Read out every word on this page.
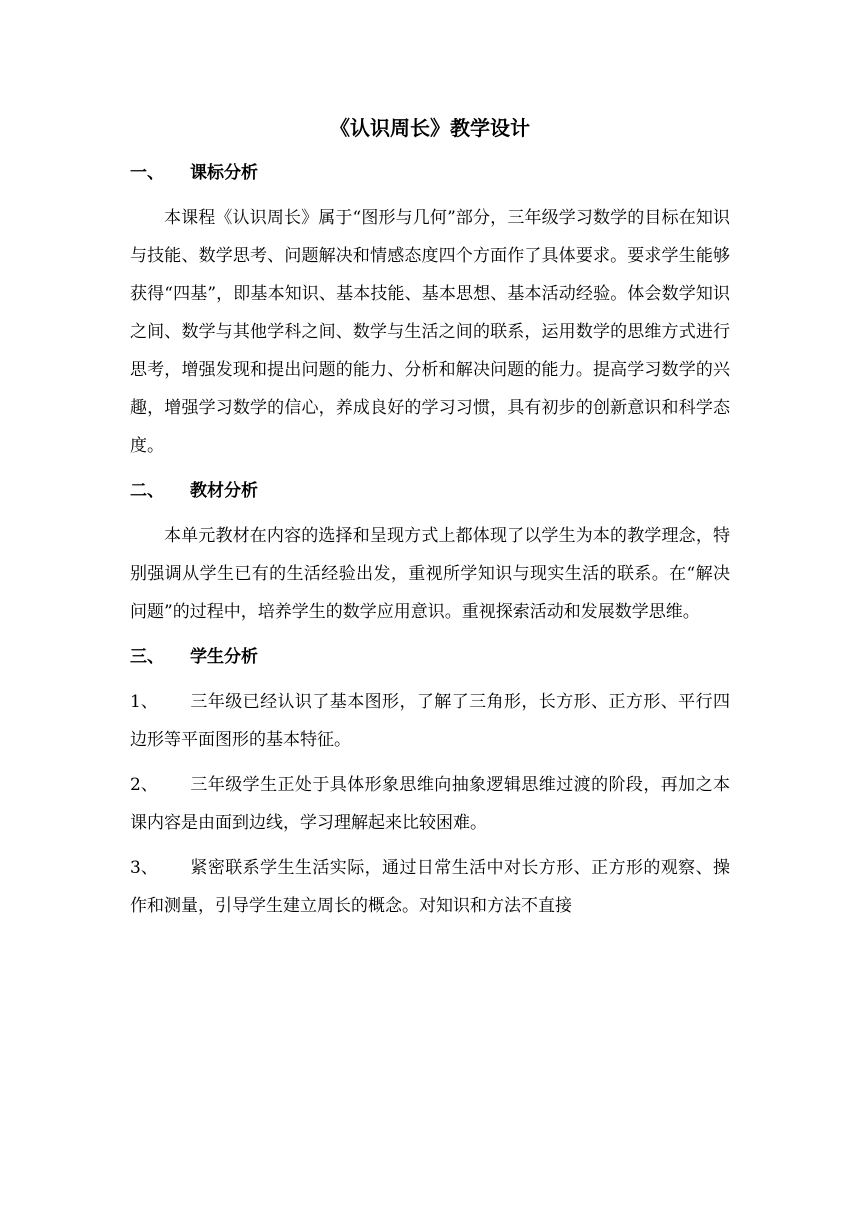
《认识周长》教学设计
一、 课标分析

本课程《认识周长》属于“图形与几何”部分，三年级学习数学的目标在知识与技能、数学思考、问题解决和情感态度四个方面作了具体要求。要求学生能够获得“四基”，即基本知识、基本技能、基本思想、基本活动经验。体会数学知识之间、数学与其他学科之间、数学与生活之间的联系，运用数学的思维方式进行思考，增强发现和提出问题的能力、分析和解决问题的能力。提高学习数学的兴趣，增强学习数学的信心，养成良好的学习习惯，具有初步的创新意识和科学态度。

二、 教材分析

本单元教材在内容的选择和呈现方式上都体现了以学生为本的教学理念，特别强调从学生已有的生活经验出发，重视所学知识与现实生活的联系。在“解决问题”的过程中，培养学生的数学应用意识。重视探索活动和发展数学思维。

三、 学生分析

1、 三年级已经认识了基本图形，了解了三角形，长方形、正方形、平行四边形等平面图形的基本特征。

2、 三年级学生正处于具体形象思维向抽象逻辑思维过渡的阶段，再加之本课内容是由面到边线，学习理解起来比较困难。

3、 紧密联系学生生活实际，通过日常生活中对长方形、正方形的观察、操作和测量，引导学生建立周长的概念。对知识和方法不直接
